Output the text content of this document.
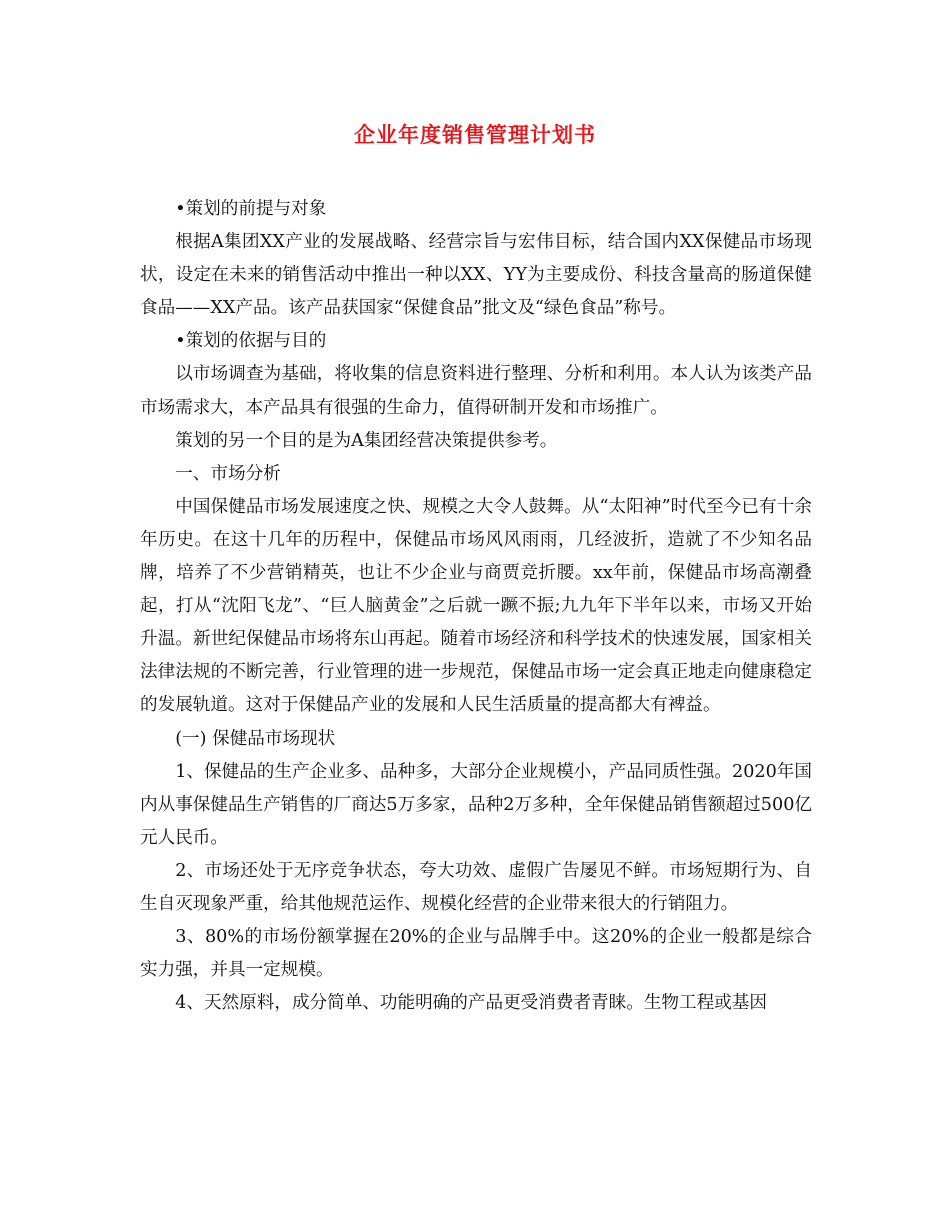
企业年度销售管理计划书

•策划的前提与对象

根据A集团XX产业的发展战略、经营宗旨与宏伟目标，结合国内XX保健品市场现状，设定在未来的销售活动中推出一种以XX、YY为主要成份、科技含量高的肠道保健食品——XX产品。该产品获国家“保健食品”批文及“绿色食品”称号。

•策划的依据与目的

以市场调查为基础，将收集的信息资料进行整理、分析和利用。本人认为该类产品市场需求大，本产品具有很强的生命力，值得研制开发和市场推广。

策划的另一个目的是为A集团经营决策提供参考。

一、市场分析

中国保健品市场发展速度之快、规模之大令人鼓舞。从“太阳神”时代至今已有十余年历史。在这十几年的历程中，保健品市场风风雨雨，几经波折，造就了不少知名品牌，培养了不少营销精英，也让不少企业与商贾竞折腰。xx年前，保健品市场高潮叠起，打从“沈阳飞龙”、“巨人脑黄金”之后就一蹶不振;九九年下半年以来，市场又开始升温。新世纪保健品市场将东山再起。随着市场经济和科学技术的快速发展，国家相关法律法规的不断完善，行业管理的进一步规范，保健品市场一定会真正地走向健康稳定的发展轨道。这对于保健品产业的发展和人民生活质量的提高都大有裨益。

(一) 保健品市场现状

1、保健品的生产企业多、品种多，大部分企业规模小，产品同质性强。2020年国内从事保健品生产销售的厂商达5万多家，品种2万多种，全年保健品销售额超过500亿元人民币。

2、市场还处于无序竞争状态，夸大功效、虚假广告屡见不鲜。市场短期行为、自生自灭现象严重，给其他规范运作、规模化经营的企业带来很大的行销阻力。

3、80%的市场份额掌握在20%的企业与品牌手中。这20%的企业一般都是综合实力强，并具一定规模。

4、天然原料，成分简单、功能明确的产品更受消费者青睐。生物工程或基因
